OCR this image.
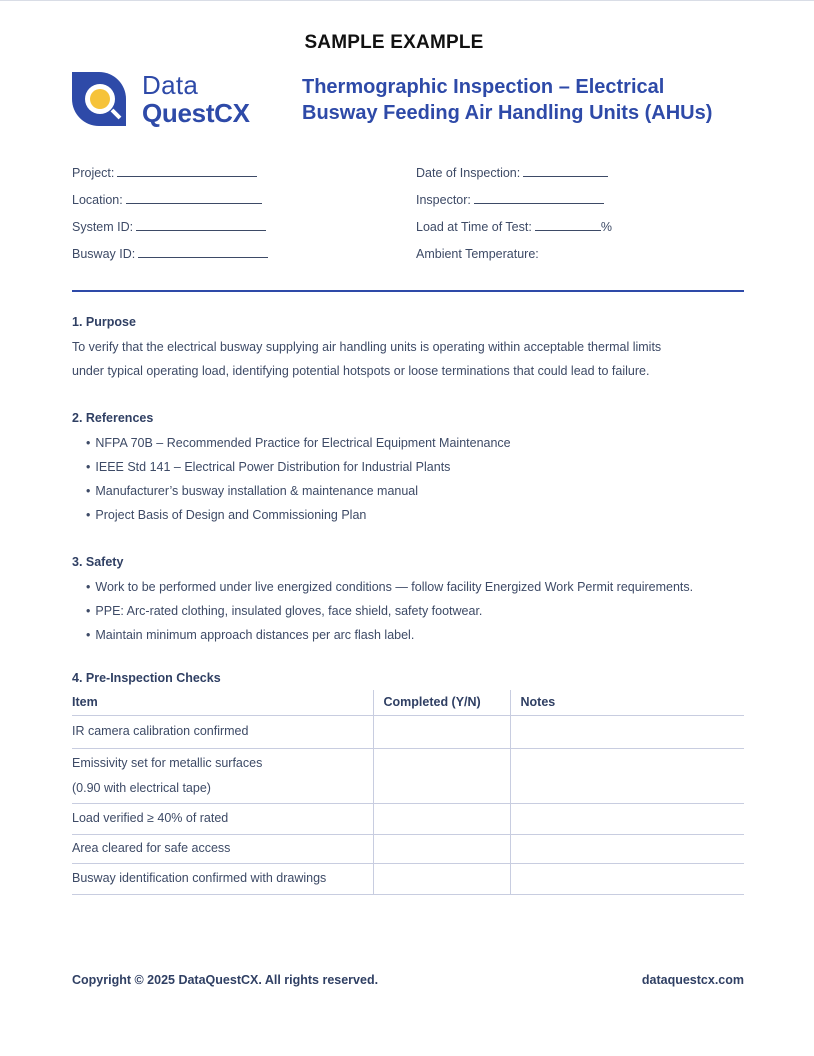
SAMPLE EXAMPLE
Data
QuestCX
Thermographic Inspection – Electrical
Busway Feeding Air Handling Units (AHUs)
Project:
Location:
System ID:
Busway ID:
Date of Inspection:
Inspector:
Load at Time of Test:	%
Ambient Temperature:
1. Purpose
To verify that the electrical busway supplying air handling units is operating within acceptable thermal limits
under typical operating load, identifying potential hotspots or loose terminations that could lead to failure.
2. References
• NFPA 70B – Recommended Practice for Electrical Equipment Maintenance
• IEEE Std 141 – Electrical Power Distribution for Industrial Plants
• Manufacturer’s busway installation & maintenance manual
• Project Basis of Design and Commissioning Plan
3. Safety
• Work to be performed under live energized conditions — follow facility Energized Work Permit requirements.
• PPE: Arc-rated clothing, insulated gloves, face shield, safety footwear.
• Maintain minimum approach distances per arc flash label.
4. Pre-Inspection Checks
Item	Completed (Y/N)	Notes
IR camera calibration confirmed		

Emissivity set for metallic surfaces
(0.90 with electrical tape)		

Load verified ≥ 40% of rated		
Area cleared for safe access		
Busway identification confirmed with drawings		
Copyright © 2025 DataQuestCX. All rights reserved.	dataquestcx.com
